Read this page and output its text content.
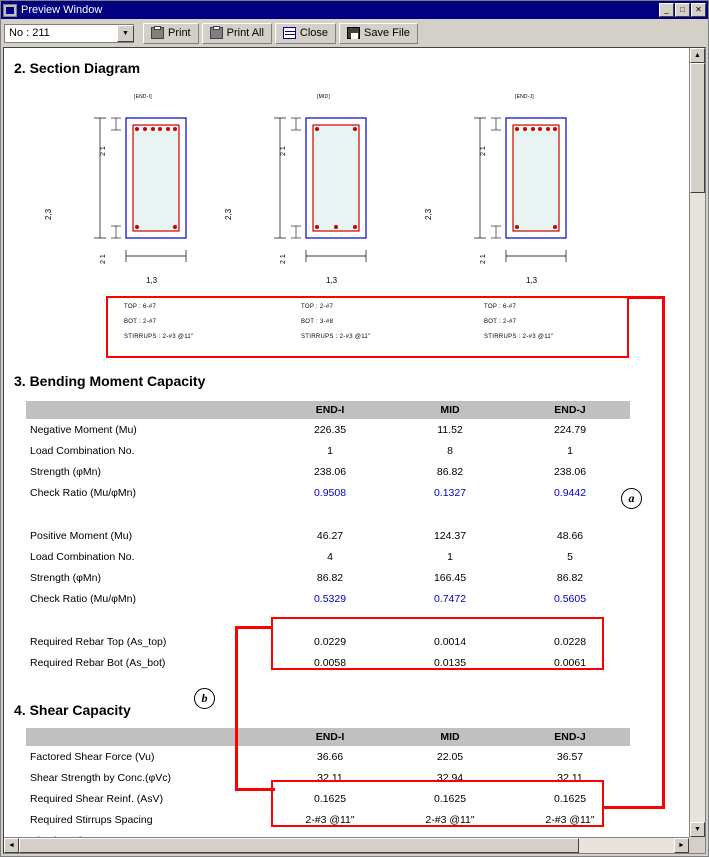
Preview Window	_	□	✕
No : 211	▼	Print	Print All	Close	Save File
2. Section Diagram
[END-I]	[MID]	[END-J]
2,3	2,3	2,3
2 1
2 1
2 1
2 1
2 1
2 1
1,3	1,3	1,3
TOP : 6-#7
BOT : 2-#7
STIRRUPS : 2-#3 @11"
TOP : 2-#7
BOT : 3-#8
STIRRUPS : 2-#3 @11"
TOP : 6-#7
BOT : 2-#7
STIRRUPS : 2-#3 @11"
3. Bending Moment Capacity
	END-I	MID	END-J
Negative Moment (Mu)	226.35	11.52	224.79
Load Combination No.	1	8	1
Strength (φMn)	238.06	86.82	238.06
Check Ratio (Mu/φMn)	0.9508	0.1327	0.9442

Positive Moment (Mu)	46.27	124.37	48.66
Load Combination No.	4	1	5
Strength (φMn)	86.82	166.45	86.82
Check Ratio (Mu/φMn)	0.5329	0.7472	0.5605

Required Rebar Top (As_top)	0.0229	0.0014	0.0228
Required Rebar Bot (As_bot)	0.0058	0.0135	0.0061
4. Shear Capacity
	END-I	MID	END-J
Factored Shear Force (Vu)	36.66	22.05	36.57
Shear Strength by Conc.(φVc)	32.11	32.94	32.11
Required Shear Reinf. (AsV)	0.1625	0.1625	0.1625
Required Stirrups Spacing	2-#3 @11"	2-#3 @11"	2-#3 @11"

a
b
▲
▼
◄	►
